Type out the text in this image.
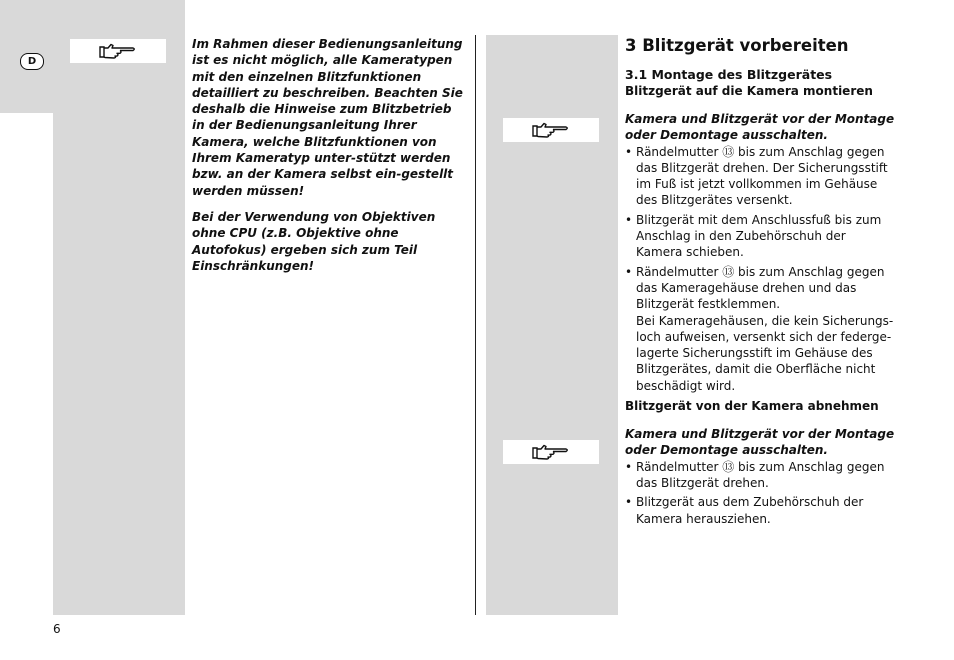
D

Im Rahmen dieser Bedienungsanleitung ist es nicht möglich, alle Kameratypen mit den einzelnen Blitzfunktionen detailliert zu beschreiben. Beachten Sie deshalb die Hinweise zum Blitzbetrieb in der Bedienungsanleitung Ihrer Kamera, welche Blitzfunktionen von Ihrem Kameratyp unter-stützt werden bzw. an der Kamera selbst ein-gestellt werden müssen!

Bei der Verwendung von Objektiven ohne CPU (z.B. Objektive ohne Autofokus) ergeben sich zum Teil Einschränkungen!

3 Blitzgerät vorbereiten
3.1 Montage des Blitzgerätes
Blitzgerät auf die Kamera montieren

Kamera und Blitzgerät vor der Montage oder Demontage ausschalten.

• Rändelmutter ⑬ bis zum Anschlag gegen das Blitzgerät drehen. Der Sicherungsstift im Fuß ist jetzt vollkommen im Gehäuse des Blitzgerätes versenkt.
• Blitzgerät mit dem Anschlussfuß bis zum Anschlag in den Zubehörschuh der Kamera schieben.
• Rändelmutter ⑬ bis zum Anschlag gegen das Kameragehäuse drehen und das Blitzgerät festklemmen.
Bei Kameragehäusen, die kein Sicherungs-loch aufweisen, versenkt sich der federge-lagerte Sicherungsstift im Gehäuse des Blitzgerätes, damit die Oberfläche nicht beschädigt wird.
Blitzgerät von der Kamera abnehmen

Kamera und Blitzgerät vor der Montage oder Demontage ausschalten.

• Rändelmutter ⑬ bis zum Anschlag gegen das Blitzgerät drehen.
• Blitzgerät aus dem Zubehörschuh der Kamera herausziehen.
6
